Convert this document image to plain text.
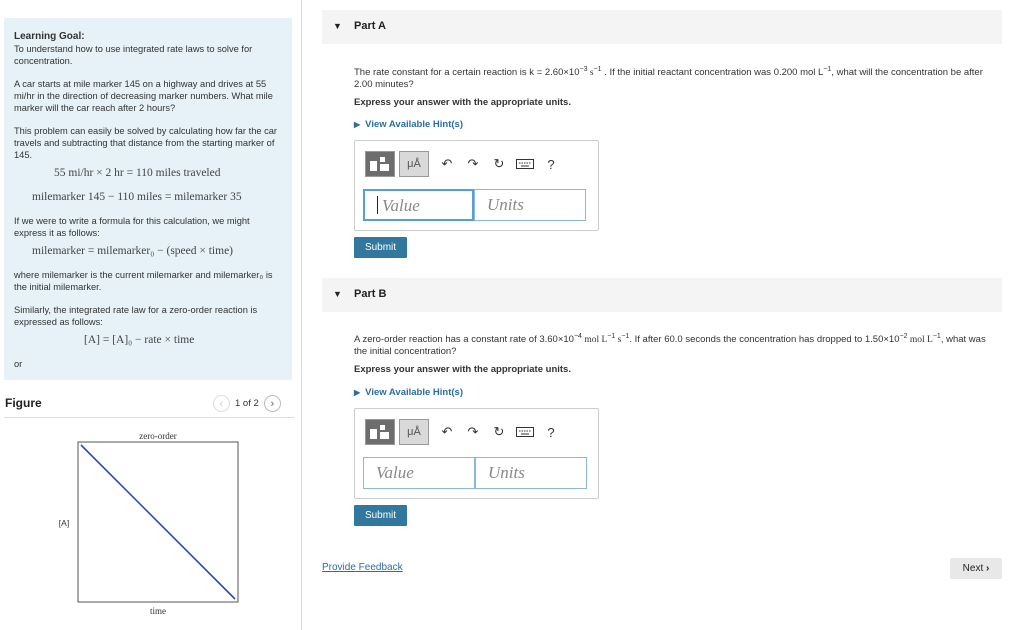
Learning Goal:
To understand how to use integrated rate laws to solve for concentration.

A car starts at mile marker 145 on a highway and drives at 55 mi/hr in the direction of decreasing marker numbers. What mile marker will the car reach after 2 hours?

This problem can easily be solved by calculating how far the car travels and subtracting that distance from the starting marker of 145.

55 mi/hr × 2 hr = 110 miles traveled
milemarker 145 − 110 miles = milemarker 35

If we were to write a formula for this calculation, we might express it as follows:

milemarker = milemarker₀ − (speed × time)

where milemarker is the current milemarker and milemarker₀ is the initial milemarker.

Similarly, the integrated rate law for a zero-order reaction is expressed as follows:

[A] = [A]₀ − rate × time

or

Figure	‹	1 of 2	›
zero-order
[A]
time
▼ Part A
The rate constant for a certain reaction is $k = 2.60\times 10^{-3}$ $s^{-1}$ . If the initial reactant concentration was 0.200 mol $L^{-1}$, what will the concentration be after 2.00 minutes?
Express your answer with the appropriate units.
▶ View Available Hint(s)
μÅ	↶	↷	↻	?
Value	Units
Submit
▼ Part B
A zero-order reaction has a constant rate of $3.60\times 10^{-4}$ mol $L^{-1}$ $s^{-1}$. If after 60.0 seconds the concentration has dropped to $1.50\times 10^{-2}$ mol $L^{-1}$, what was the initial concentration?
Express your answer with the appropriate units.
▶ View Available Hint(s)
μÅ	↶	↷	↻	?
Value	Units
Submit
Provide Feedback	Next
›
